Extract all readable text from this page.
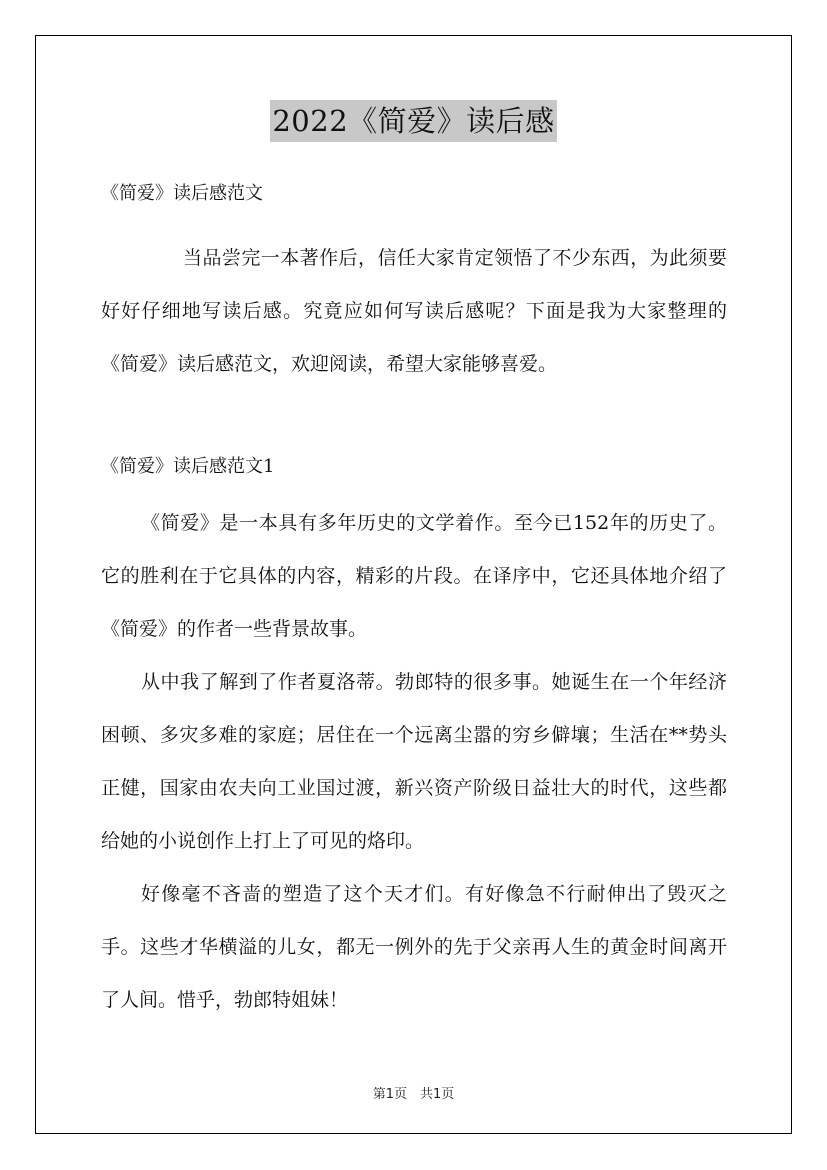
2022《简爱》读后感
《简爱》读后感范文
当品尝完一本著作后，信任大家肯定领悟了不少东西，为此须要好好仔细地写读后感。究竟应如何写读后感呢？下面是我为大家整理的《简爱》读后感范文，欢迎阅读，希望大家能够喜爱。
《简爱》读后感范文1

《简爱》是一本具有多年历史的文学着作。至今已152年的历史了。它的胜利在于它具体的内容，精彩的片段。在译序中，它还具体地介绍了《简爱》的作者一些背景故事。

从中我了解到了作者夏洛蒂。勃郎特的很多事。她诞生在一个年经济困顿、多灾多难的家庭；居住在一个远离尘嚣的穷乡僻壤；生活在**势头正健，国家由农夫向工业国过渡，新兴资产阶级日益壮大的时代，这些都给她的小说创作上打上了可见的烙印。

好像毫不吝啬的塑造了这个天才们。有好像急不行耐伸出了毁灭之手。这些才华横溢的儿女，都无一例外的先于父亲再人生的黄金时间离开了人间。惜乎，勃郎特姐妹！

第1页　共1页
